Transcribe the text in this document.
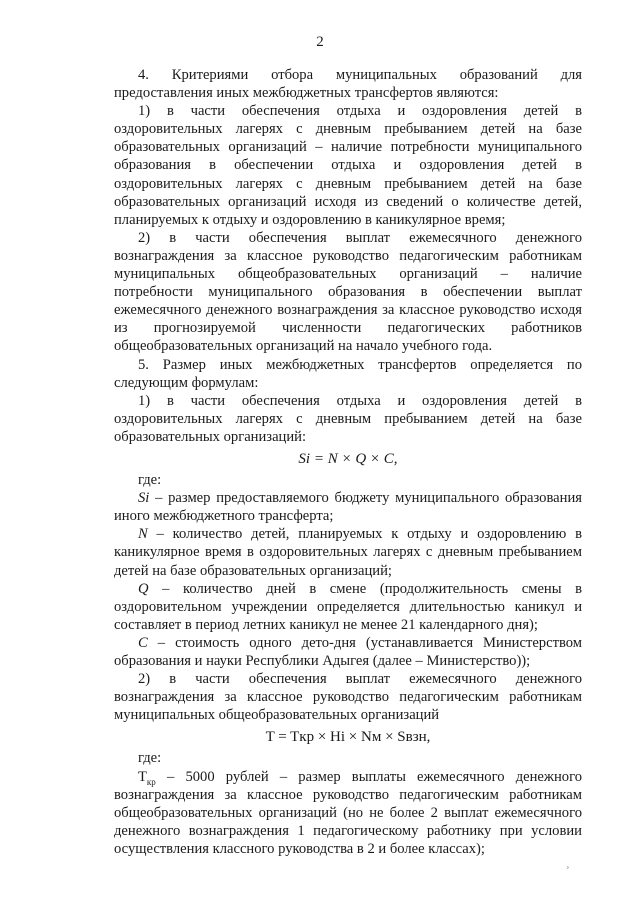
2

4. Критериями отбора муниципальных образований для предоставления иных межбюджетных трансфертов являются:

1) в части обеспечения отдыха и оздоровления детей в оздоровительных лагерях с дневным пребыванием детей на базе образовательных организаций – наличие потребности муниципального образования в обеспечении отдыха и оздоровления детей в оздоровительных лагерях с дневным пребыванием детей на базе образовательных организаций исходя из сведений о количестве детей, планируемых к отдыху и оздоровлению в каникулярное время;

2) в части обеспечения выплат ежемесячного денежного вознаграждения за классное руководство педагогическим работникам муниципальных общеобразовательных организаций – наличие потребности муниципального образования в обеспечении выплат ежемесячного денежного вознаграждения за классное руководство исходя из прогнозируемой численности педагогических работников общеобразовательных организаций на начало учебного года.

5. Размер иных межбюджетных трансфертов определяется по следующим формулам:

1) в части обеспечения отдыха и оздоровления детей в оздоровительных лагерях с дневным пребыванием детей на базе образовательных организаций:

Si = N × Q × C,

где:

Si – размер предоставляемого бюджету муниципального образования иного межбюджетного трансферта;

N – количество детей, планируемых к отдыху и оздоровлению в каникулярное время в оздоровительных лагерях с дневным пребыванием детей на базе образовательных организаций;

Q – количество дней в смене (продолжительность смены в оздоровительном учреждении определяется длительностью каникул и составляет в период летних каникул не менее 21 календарного дня);

C – стоимость одного дето-дня (устанавливается Министерством образования и науки Республики Адыгея (далее – Министерство));

2) в части обеспечения выплат ежемесячного денежного вознаграждения за классное руководство педагогическим работникам муниципальных общеобразовательных организаций

T = Tкр × Hi × Nм × Sвзн,

где:

$T_{кр} - 5000$ рублей – размер выплаты ежемесячного денежного вознаграждения за классное руководство педагогическим работникам общеобразовательных организаций (но не более 2 выплат ежемесячного денежного вознаграждения 1 педагогическому работнику при условии осуществления классного руководства в 2 и более классах);

¸
